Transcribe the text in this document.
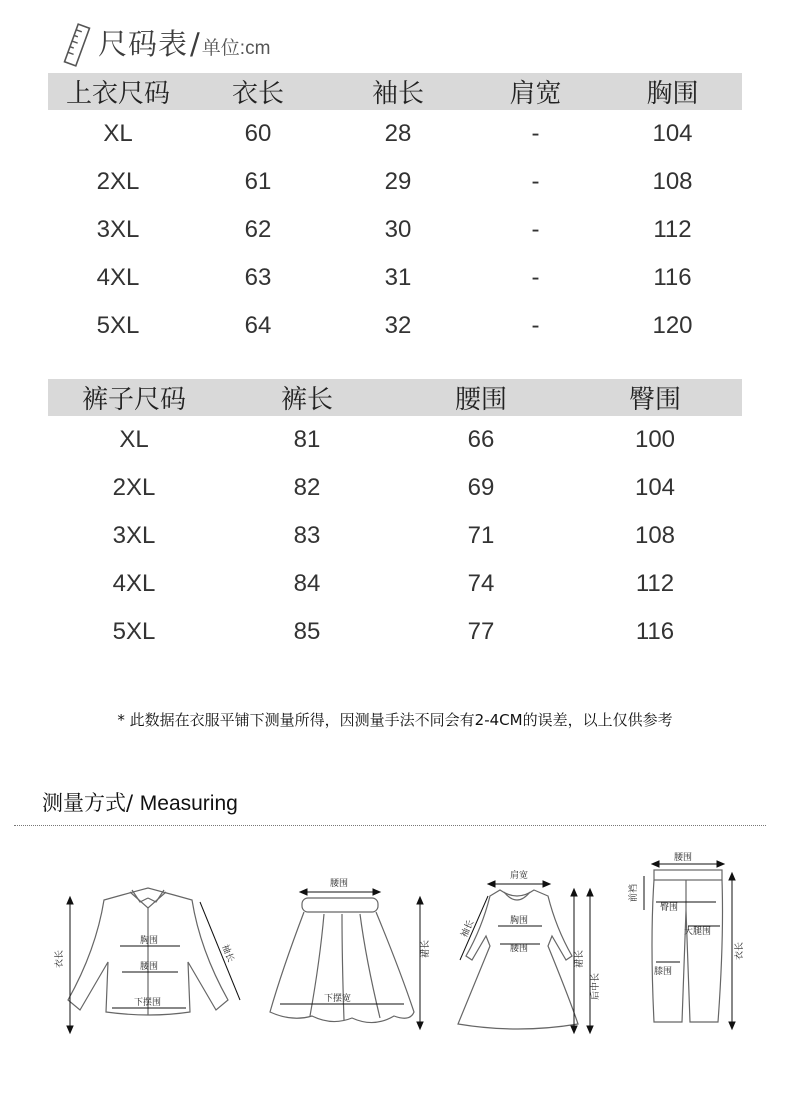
尺码表 / 单位:cm
上衣尺码	衣长	袖长	肩宽	胸围
XL	60	28	-	104
2XL	61	29	-	108
3XL	62	30	-	112
4XL	63	31	-	116
5XL	64	32	-	120
裤子尺码	裤长	腰围	臀围
XL	81	66	100
2XL	82	69	104
3XL	83	71	108
4XL	84	74	112
5XL	85	77	116
* 此数据在衣服平铺下测量所得，因测量手法不同会有2-4CM的误差，以上仅供参考
测量方式/ Measuring
衣长
胸围
腰围
下摆围
袖长
腰围
下摆宽
裙长
肩宽
袖长	胸围
腰围
裙长
后中长
腰围
前裆
臀围
大腿围
膝围
衣长
